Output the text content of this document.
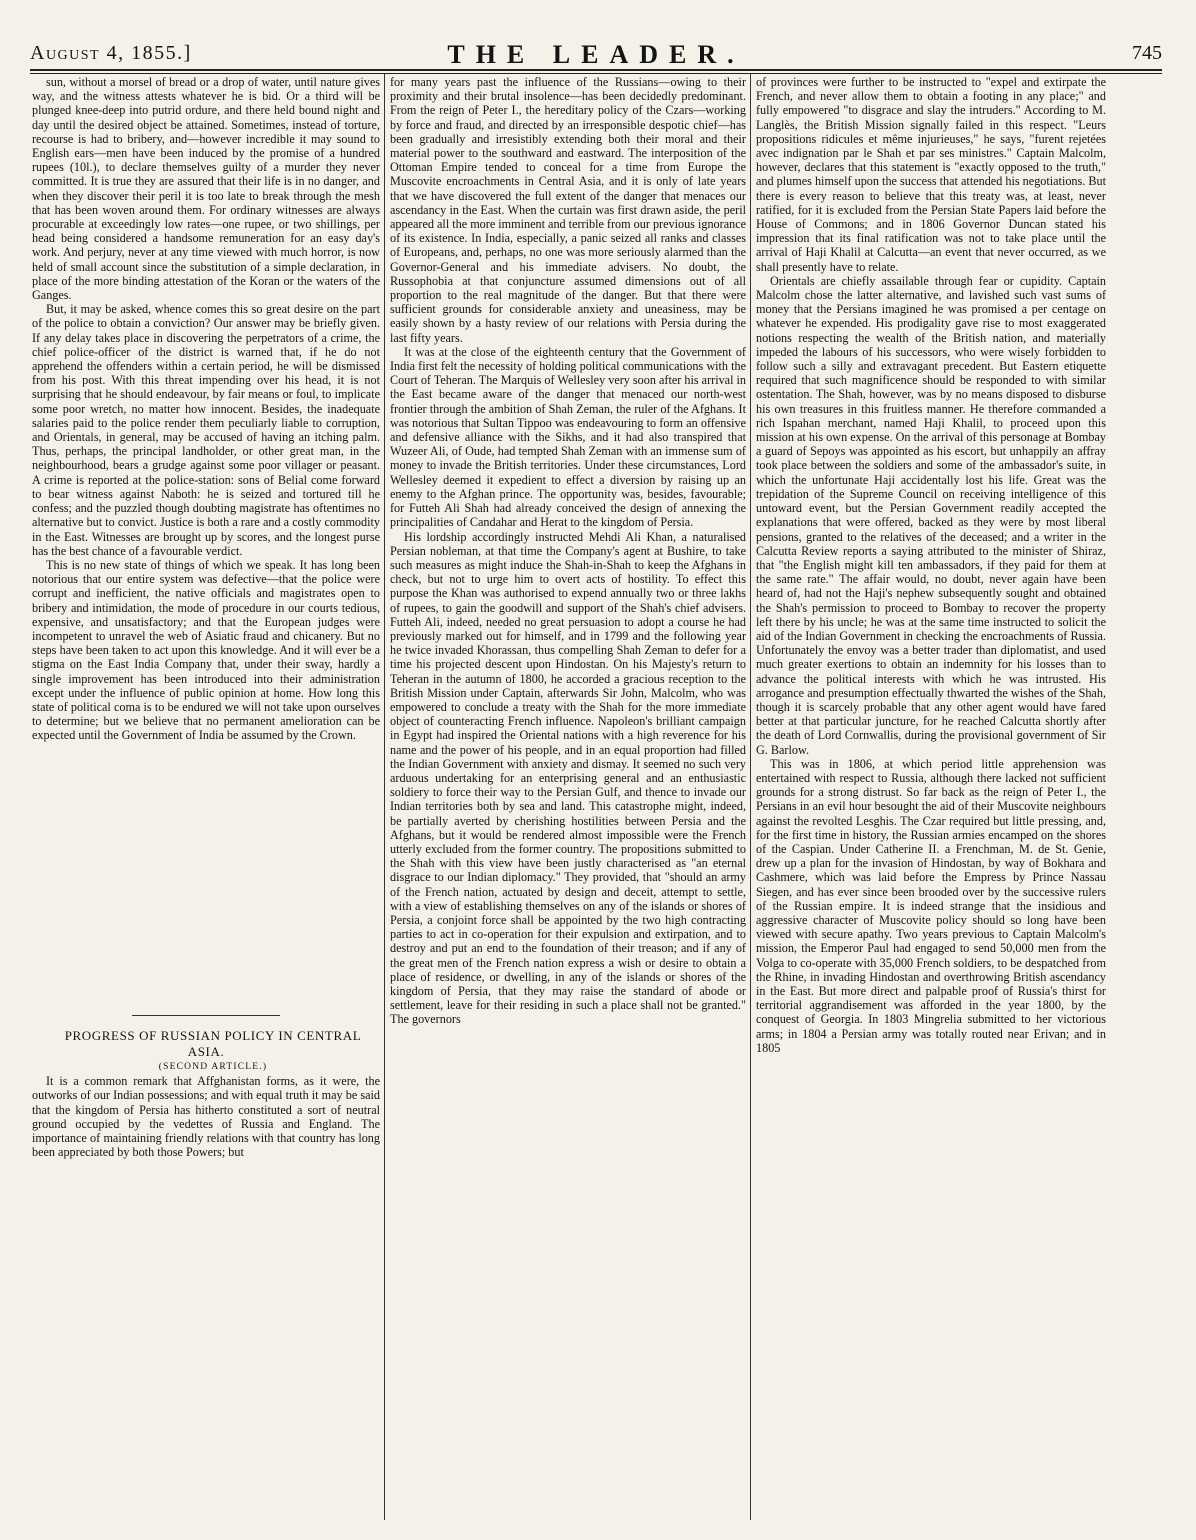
August 4, 1855.]	THE LEADER.	745

sun, without a morsel of bread or a drop of water, until nature gives way, and the witness attests whatever he is bid. Or a third will be plunged knee-deep into putrid ordure, and there held bound night and day until the desired object be attained. Sometimes, instead of torture, recourse is had to bribery, and—however incredible it may sound to English ears—men have been induced by the promise of a hundred rupees (10l.), to declare themselves guilty of a murder they never committed. It is true they are assured that their life is in no danger, and when they discover their peril it is too late to break through the mesh that has been woven around them. For ordinary witnesses are always procurable at exceedingly low rates—one rupee, or two shillings, per head being considered a handsome remuneration for an easy day's work. And perjury, never at any time viewed with much horror, is now held of small account since the substitution of a simple declaration, in place of the more binding attestation of the Koran or the waters of the Ganges.

But, it may be asked, whence comes this so great desire on the part of the police to obtain a conviction? Our answer may be briefly given. If any delay takes place in discovering the perpetrators of a crime, the chief police-officer of the district is warned that, if he do not apprehend the offenders within a certain period, he will be dismissed from his post. With this threat impending over his head, it is not surprising that he should endeavour, by fair means or foul, to implicate some poor wretch, no matter how innocent. Besides, the inadequate salaries paid to the police render them peculiarly liable to corruption, and Orientals, in general, may be accused of having an itching palm. Thus, perhaps, the principal landholder, or other great man, in the neighbourhood, bears a grudge against some poor villager or peasant. A crime is reported at the police-station: sons of Belial come forward to bear witness against Naboth: he is seized and tortured till he confess; and the puzzled though doubting magistrate has oftentimes no alternative but to convict. Justice is both a rare and a costly commodity in the East. Witnesses are brought up by scores, and the longest purse has the best chance of a favourable verdict.

This is no new state of things of which we speak. It has long been notorious that our entire system was defective—that the police were corrupt and inefficient, the native officials and magistrates open to bribery and intimidation, the mode of procedure in our courts tedious, expensive, and unsatisfactory; and that the European judges were incompetent to unravel the web of Asiatic fraud and chicanery. But no steps have been taken to act upon this knowledge. And it will ever be a stigma on the East India Company that, under their sway, hardly a single improvement has been introduced into their administration except under the influence of public opinion at home. How long this state of political coma is to be endured we will not take upon ourselves to determine; but we believe that no permanent amelioration can be expected until the Government of India be assumed by the Crown.

PROGRESS OF RUSSIAN POLICY IN CENTRAL ASIA.

(SECOND ARTICLE.)

It is a common remark that Affghanistan forms, as it were, the outworks of our Indian possessions; and with equal truth it may be said that the kingdom of Persia has hitherto constituted a sort of neutral ground occupied by the vedettes of Russia and England. The importance of maintaining friendly relations with that country has long been appreciated by both those Powers; but

for many years past the influence of the Russians—owing to their proximity and their brutal insolence—has been decidedly predominant. From the reign of Peter I., the hereditary policy of the Czars—working by force and fraud, and directed by an irresponsible despotic chief—has been gradually and irresistibly extending both their moral and their material power to the southward and eastward. The interposition of the Ottoman Empire tended to conceal for a time from Europe the Muscovite encroachments in Central Asia, and it is only of late years that we have discovered the full extent of the danger that menaces our ascendancy in the East. When the curtain was first drawn aside, the peril appeared all the more imminent and terrible from our previous ignorance of its existence. In India, especially, a panic seized all ranks and classes of Europeans, and, perhaps, no one was more seriously alarmed than the Governor-General and his immediate advisers. No doubt, the Russophobia at that conjuncture assumed dimensions out of all proportion to the real magnitude of the danger. But that there were sufficient grounds for considerable anxiety and uneasiness, may be easily shown by a hasty review of our relations with Persia during the last fifty years.

It was at the close of the eighteenth century that the Government of India first felt the necessity of holding political communications with the Court of Teheran. The Marquis of Wellesley very soon after his arrival in the East became aware of the danger that menaced our north-west frontier through the ambition of Shah Zeman, the ruler of the Afghans. It was notorious that Sultan Tippoo was endeavouring to form an offensive and defensive alliance with the Sikhs, and it had also transpired that Wuzeer Ali, of Oude, had tempted Shah Zeman with an immense sum of money to invade the British territories. Under these circumstances, Lord Wellesley deemed it expedient to effect a diversion by raising up an enemy to the Afghan prince. The opportunity was, besides, favourable; for Futteh Ali Shah had already conceived the design of annexing the principalities of Candahar and Herat to the kingdom of Persia.

His lordship accordingly instructed Mehdi Ali Khan, a naturalised Persian nobleman, at that time the Company's agent at Bushire, to take such measures as might induce the Shah-in-Shah to keep the Afghans in check, but not to urge him to overt acts of hostility. To effect this purpose the Khan was authorised to expend annually two or three lakhs of rupees, to gain the goodwill and support of the Shah's chief advisers. Futteh Ali, indeed, needed no great persuasion to adopt a course he had previously marked out for himself, and in 1799 and the following year he twice invaded Khorassan, thus compelling Shah Zeman to defer for a time his projected descent upon Hindostan. On his Majesty's return to Teheran in the autumn of 1800, he accorded a gracious reception to the British Mission under Captain, afterwards Sir John, Malcolm, who was empowered to conclude a treaty with the Shah for the more immediate object of counteracting French influence. Napoleon's brilliant campaign in Egypt had inspired the Oriental nations with a high reverence for his name and the power of his people, and in an equal proportion had filled the Indian Government with anxiety and dismay. It seemed no such very arduous undertaking for an enterprising general and an enthusiastic soldiery to force their way to the Persian Gulf, and thence to invade our Indian territories both by sea and land. This catastrophe might, indeed, be partially averted by cherishing hostilities between Persia and the Afghans, but it would be rendered almost impossible were the French utterly excluded from the former country. The propositions submitted to the Shah with this view have been justly characterised as "an eternal disgrace to our Indian diplomacy." They provided, that "should an army of the French nation, actuated by design and deceit, attempt to settle, with a view of establishing themselves on any of the islands or shores of Persia, a conjoint force shall be appointed by the two high contracting parties to act in co-operation for their expulsion and extirpation, and to destroy and put an end to the foundation of their treason; and if any of the great men of the French nation express a wish or desire to obtain a place of residence, or dwelling, in any of the islands or shores of the kingdom of Persia, that they may raise the standard of abode or settlement, leave for their residing in such a place shall not be granted." The governors

of provinces were further to be instructed to "expel and extirpate the French, and never allow them to obtain a footing in any place;" and fully empowered "to disgrace and slay the intruders." According to M. Langlès, the British Mission signally failed in this respect. "Leurs propositions ridicules et même injurieuses," he says, "furent rejetées avec indignation par le Shah et par ses ministres." Captain Malcolm, however, declares that this statement is "exactly opposed to the truth," and plumes himself upon the success that attended his negotiations. But there is every reason to believe that this treaty was, at least, never ratified, for it is excluded from the Persian State Papers laid before the House of Commons; and in 1806 Governor Duncan stated his impression that its final ratification was not to take place until the arrival of Haji Khalil at Calcutta—an event that never occurred, as we shall presently have to relate.

Orientals are chiefly assailable through fear or cupidity. Captain Malcolm chose the latter alternative, and lavished such vast sums of money that the Persians imagined he was promised a per centage on whatever he expended. His prodigality gave rise to most exaggerated notions respecting the wealth of the British nation, and materially impeded the labours of his successors, who were wisely forbidden to follow such a silly and extravagant precedent. But Eastern etiquette required that such magnificence should be responded to with similar ostentation. The Shah, however, was by no means disposed to disburse his own treasures in this fruitless manner. He therefore commanded a rich Ispahan merchant, named Haji Khalil, to proceed upon this mission at his own expense. On the arrival of this personage at Bombay a guard of Sepoys was appointed as his escort, but unhappily an affray took place between the soldiers and some of the ambassador's suite, in which the unfortunate Haji accidentally lost his life. Great was the trepidation of the Supreme Council on receiving intelligence of this untoward event, but the Persian Government readily accepted the explanations that were offered, backed as they were by most liberal pensions, granted to the relatives of the deceased; and a writer in the Calcutta Review reports a saying attributed to the minister of Shiraz, that "the English might kill ten ambassadors, if they paid for them at the same rate." The affair would, no doubt, never again have been heard of, had not the Haji's nephew subsequently sought and obtained the Shah's permission to proceed to Bombay to recover the property left there by his uncle; he was at the same time instructed to solicit the aid of the Indian Government in checking the encroachments of Russia. Unfortunately the envoy was a better trader than diplomatist, and used much greater exertions to obtain an indemnity for his losses than to advance the political interests with which he was intrusted. His arrogance and presumption effectually thwarted the wishes of the Shah, though it is scarcely probable that any other agent would have fared better at that particular juncture, for he reached Calcutta shortly after the death of Lord Cornwallis, during the provisional government of Sir G. Barlow.

This was in 1806, at which period little apprehension was entertained with respect to Russia, although there lacked not sufficient grounds for a strong distrust. So far back as the reign of Peter I., the Persians in an evil hour besought the aid of their Muscovite neighbours against the revolted Lesghis. The Czar required but little pressing, and, for the first time in history, the Russian armies encamped on the shores of the Caspian. Under Catherine II. a Frenchman, M. de St. Genie, drew up a plan for the invasion of Hindostan, by way of Bokhara and Cashmere, which was laid before the Empress by Prince Nassau Siegen, and has ever since been brooded over by the successive rulers of the Russian empire. It is indeed strange that the insidious and aggressive character of Muscovite policy should so long have been viewed with secure apathy. Two years previous to Captain Malcolm's mission, the Emperor Paul had engaged to send 50,000 men from the Volga to co-operate with 35,000 French soldiers, to be despatched from the Rhine, in invading Hindostan and overthrowing British ascendancy in the East. But more direct and palpable proof of Russia's thirst for territorial aggrandisement was afforded in the year 1800, by the conquest of Georgia. In 1803 Mingrelia submitted to her victorious arms; in 1804 a Persian army was totally routed near Erivan; and in 1805
